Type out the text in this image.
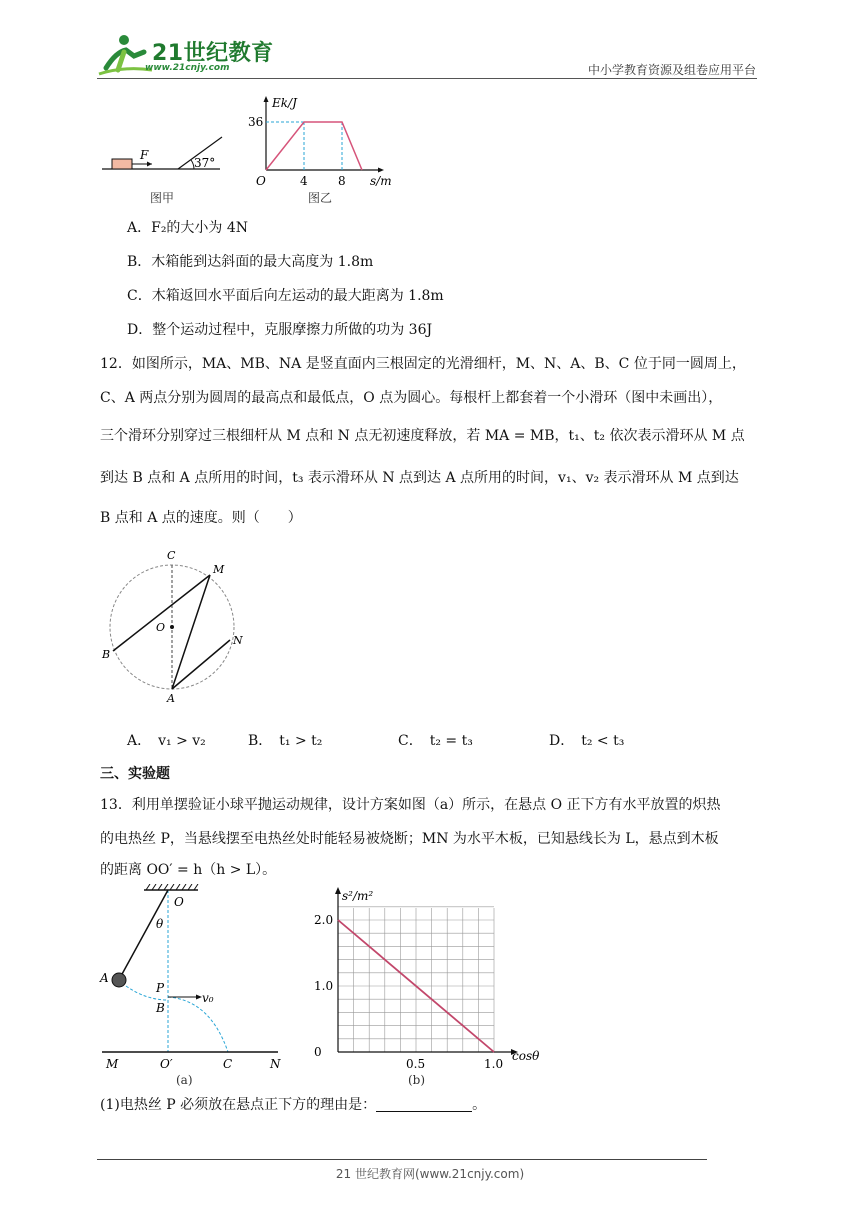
21世纪教育
www.21cnjy.com	中小学教育资源及组卷应用平台
F
37°
图甲
Ek/J
36
O	4	8 s/m
图乙
A．F₂的大小为 4N
B．木箱能到达斜面的最大高度为 1.8m
C．木箱返回水平面后向左运动的最大距离为 1.8m
D．整个运动过程中，克服摩擦力所做的功为 36J
12．如图所示，MA、MB、NA 是竖直面内三根固定的光滑细杆，M、N、A、B、C 位于同一圆周上，
C、A 两点分别为圆周的最高点和最低点，O 点为圆心。每根杆上都套着一个小滑环（图中未画出），
三个滑环分别穿过三根细杆从 M 点和 N 点无初速度释放，若 MA = MB，t₁、t₂ 依次表示滑环从 M 点
到达 B 点和 A 点所用的时间，t₃ 表示滑环从 N 点到达 A 点所用的时间，v₁、v₂ 表示滑环从 M 点到达
B 点和 A 点的速度。则（　　）
C
M
O
B
N
A
A．　v₁ > v₂	B．　t₁ > t₂	C．　t₂ = t₃	D．　t₂ < t₃
三、实验题
13．利用单摆验证小球平抛运动规律，设计方案如图（a）所示，在悬点 O 正下方有水平放置的炽热
的电热丝 P，当悬线摆至电热丝处时能轻易被烧断；MN 为水平木板，已知悬线长为 L，悬点到木板
的距离 OO′ = h（h > L）。
O
θ
A
P
v₀
B
M	O′	C	N
(a)
0
1.0
2.0
0.5	1.0
s²/m²
cosθ
(b)
(1)电热丝 P 必须放在悬点正下方的理由是：	。
21 世纪教育网(www.21cnjy.com)
